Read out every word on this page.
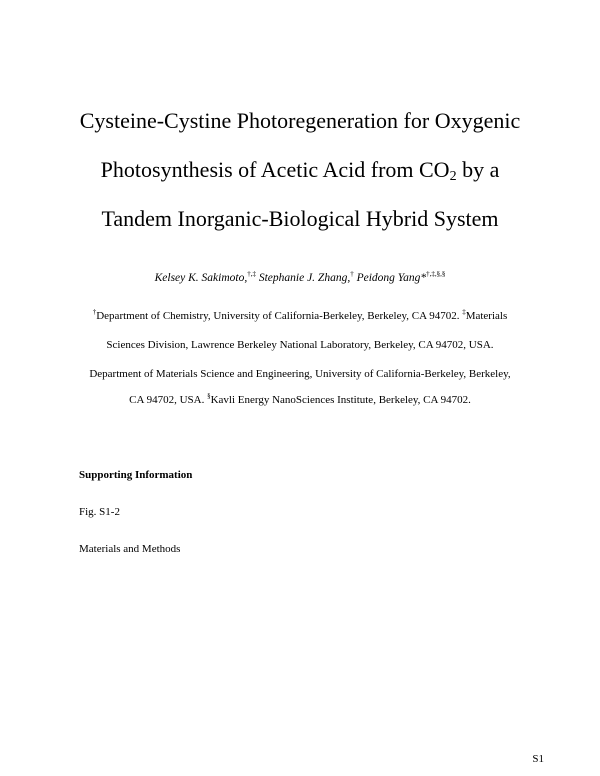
Cysteine-Cystine Photoregeneration for Oxygenic
Photosynthesis of Acetic Acid from $CO_2$ by a
Tandem Inorganic-Biological Hybrid System
Kelsey K. Sakimoto,†,‡ Stephanie J. Zhang,† Peidong Yang*†,‡,§,§
†Department of Chemistry, University of California-Berkeley, Berkeley, CA 94702. ‡Materials
Sciences Division, Lawrence Berkeley National Laboratory, Berkeley, CA 94702, USA.
Department of Materials Science and Engineering, University of California-Berkeley, Berkeley,
CA 94702, USA. §Kavli Energy NanoSciences Institute, Berkeley, CA 94702.
Supporting Information
Fig. S1-2
Materials and Methods
S1
